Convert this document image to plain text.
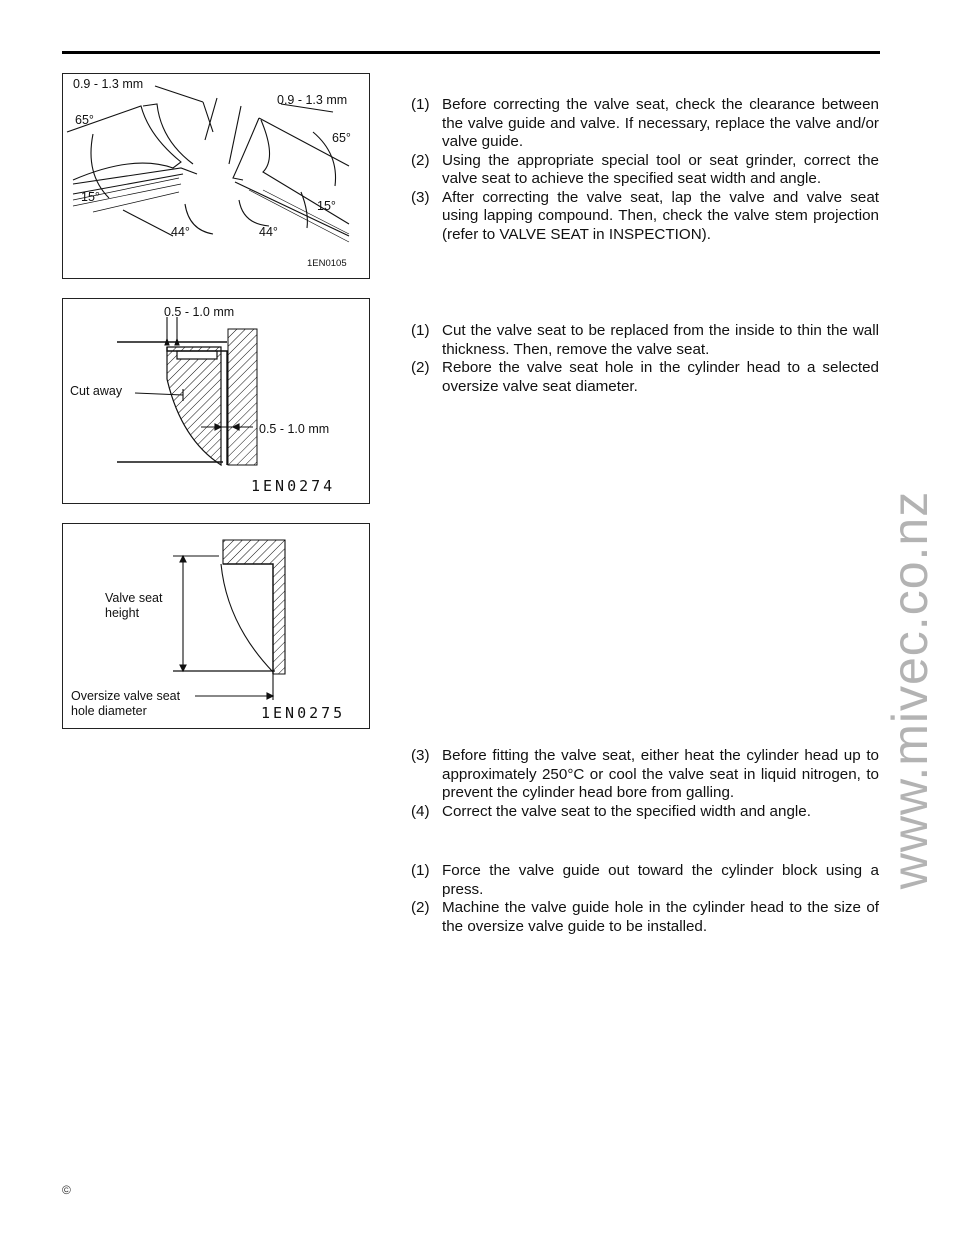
0.9 - 1.3 mm
0.9 - 1.3 mm
65°
65°
15°
15°
44°	44°
1EN0105
0.5 - 1.0 mm
Cut away
0.5 - 1.0 mm
1EN0274
Valve seat
height
Oversize valve seat
hole diameter	1EN0275
(1) Before correcting the valve seat, check the clearance between the valve guide and valve. If necessary, replace the valve and/or valve guide.
(2) Using the appropriate special tool or seat grinder, correct the valve seat to achieve the specified seat width and angle.
(3) After correcting the valve seat, lap the valve and valve seat using lapping compound. Then, check the valve stem projection (refer to VALVE SEAT in INSPECTION).
(1) Cut the valve seat to be replaced from the inside to thin the wall thickness. Then, remove the valve seat.
(2) Rebore the valve seat hole in the cylinder head to a selected oversize valve seat diameter.
(3) Before fitting the valve seat, either heat the cylinder head up to approximately 250°C or cool the valve seat in liquid nitrogen, to prevent the cylinder head bore from galling.
(4) Correct the valve seat to the specified width and angle.
(1) Force the valve guide out toward the cylinder block using a press.
(2) Machine the valve guide hole in the cylinder head to the size of the oversize valve guide to be installed.
www.mivec.co.nz
©
